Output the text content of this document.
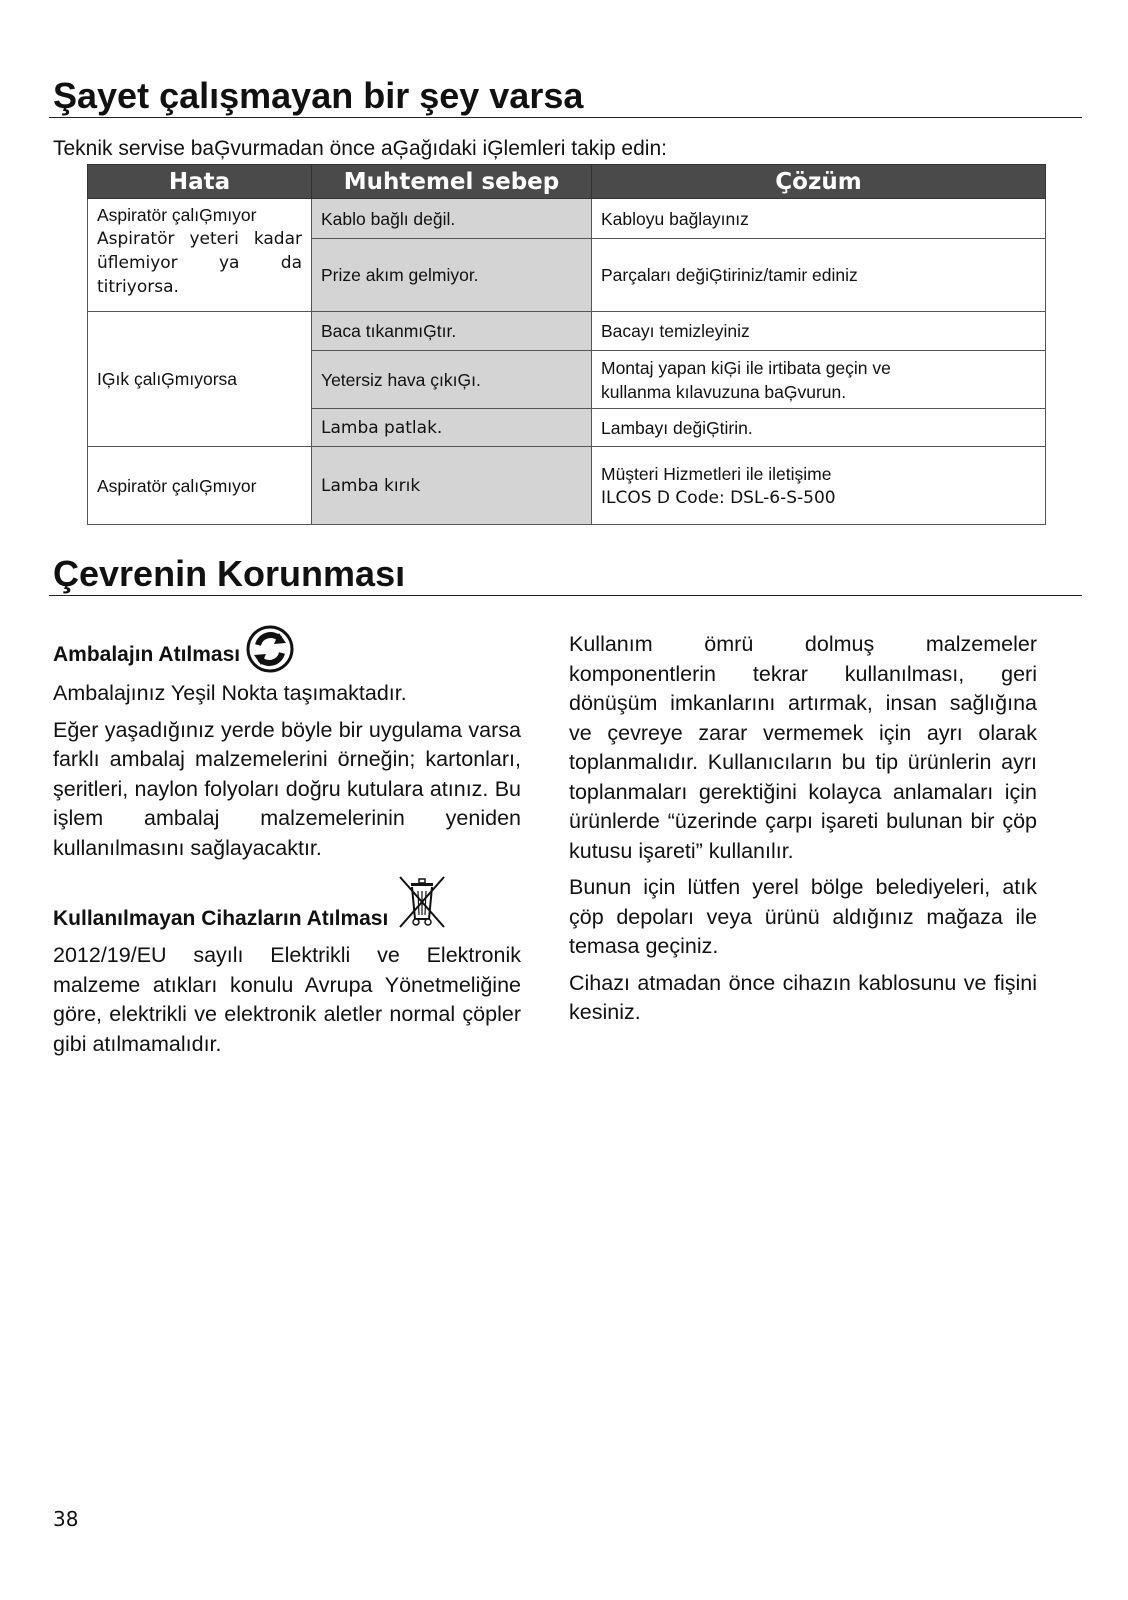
Şayet çalışmayan bir şey varsa
Teknik servise baĢvurmadan önce aĢağıdaki iĢlemleri takip edin:
Hata	Muhtemel sebep	Çözüm

Aspiratör çalıĢmıyor
Aspiratör yeteri kadar
üflemiyor ya da
titriyorsa.	Kablo bağlı değil.	Kabloyu bağlayınız
	Prize akım gelmiyor.	Parçaları değiĢtiriniz/tamir ediniz
IĢık çalıĢmıyorsa	Baca tıkanmıĢtır.	Bacayı temizleyiniz
	Yetersiz hava çıkıĢı.	Montaj yapan kiĢi ile irtibata geçin ve
kullanma kılavuzuna baĢvurun.

	Lamba patlak.	Lambayı değiĢtirin.
Aspiratör çalıĢmıyor	Lamba kırık	Müşteri Hizmetleri ile iletişime
ILCOS D Code: DSL-6-S-500
Çevrenin Korunması
Ambalajın Atılması

Ambalajınız Yeşil Nokta taşımaktadır.

Eğer yaşadığınız yerde böyle bir uygulama varsa farklı ambalaj malzemelerini örneğin; kartonları, şeritleri, naylon folyoları doğru kutulara atınız. Bu işlem ambalaj malzemelerinin yeniden kullanılmasını sağlayacaktır.

Kullanılmayan Cihazların Atılması

2012/19/EU sayılı Elektrikli ve Elektronik malzeme atıkları konulu Avrupa Yönetmeliğine göre, elektrikli ve elektronik aletler normal çöpler gibi atılmamalıdır.

Kullanım ömrü dolmuş malzemeler komponentlerin tekrar kullanılması, geri dönüşüm imkanlarını artırmak, insan sağlığına ve çevreye zarar vermemek için ayrı olarak toplanmalıdır. Kullanıcıların bu tip ürünlerin ayrı toplanmaları gerektiğini kolayca anlamaları için ürünlerde “üzerinde çarpı işareti bulunan bir çöp kutusu işareti” kullanılır.

Bunun için lütfen yerel bölge belediyeleri, atık çöp depoları veya ürünü aldığınız mağaza ile temasa geçiniz.

Cihazı atmadan önce cihazın kablosunu ve fişini kesiniz.

38
